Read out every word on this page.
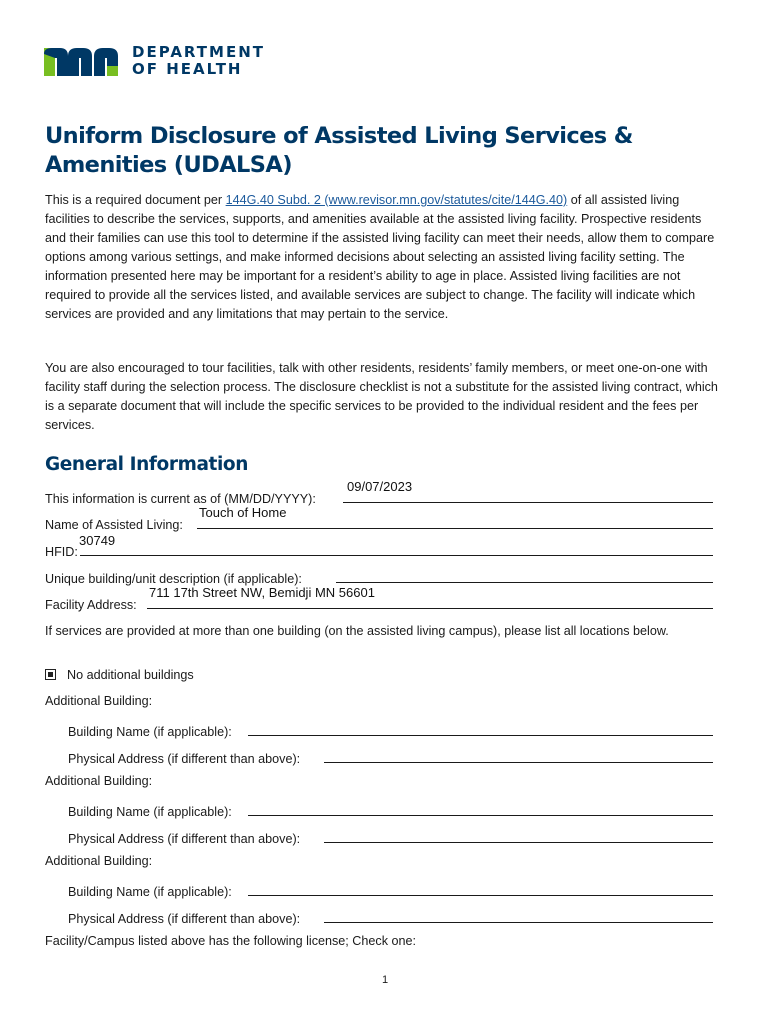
DEPARTMENT
OF HEALTH
Uniform Disclosure of Assisted Living Services & Amenities (UDALSA)

This is a required document per 144G.40 Subd. 2 (www.revisor.mn.gov/statutes/cite/144G.40) of all assisted living facilities to describe the services, supports, and amenities available at the assisted living facility. Prospective residents and their families can use this tool to determine if the assisted living facility can meet their needs, allow them to compare options among various settings, and make informed decisions about selecting an assisted living facility setting. The information presented here may be important for a resident’s ability to age in place. Assisted living facilities are not required to provide all the services listed, and available services are subject to change. The facility will indicate which services are provided and any limitations that may pertain to the service.

You are also encouraged to tour facilities, talk with other residents, residents’ family members, or meet one-on-one with facility staff during the selection process. The disclosure checklist is not a substitute for the assisted living contract, which is a separate document that will include the specific services to be provided to the individual resident and the fees per services.

General Information
This information is current as of (MM/DD/YYYY):
09/07/2023
Name of Assisted Living:
Touch of Home
HFID:
30749
Unique building/unit description (if applicable):
Facility Address:
711 17th Street NW, Bemidji MN 56601

If services are provided at more than one building (on the assisted living campus), please list all locations below.

No additional buildings
Additional Building:
Building Name (if applicable):
Physical Address (if different than above):
Additional Building:
Building Name (if applicable):
Physical Address (if different than above):
Additional Building:
Building Name (if applicable):
Physical Address (if different than above):
Facility/Campus listed above has the following license; Check one:
1
